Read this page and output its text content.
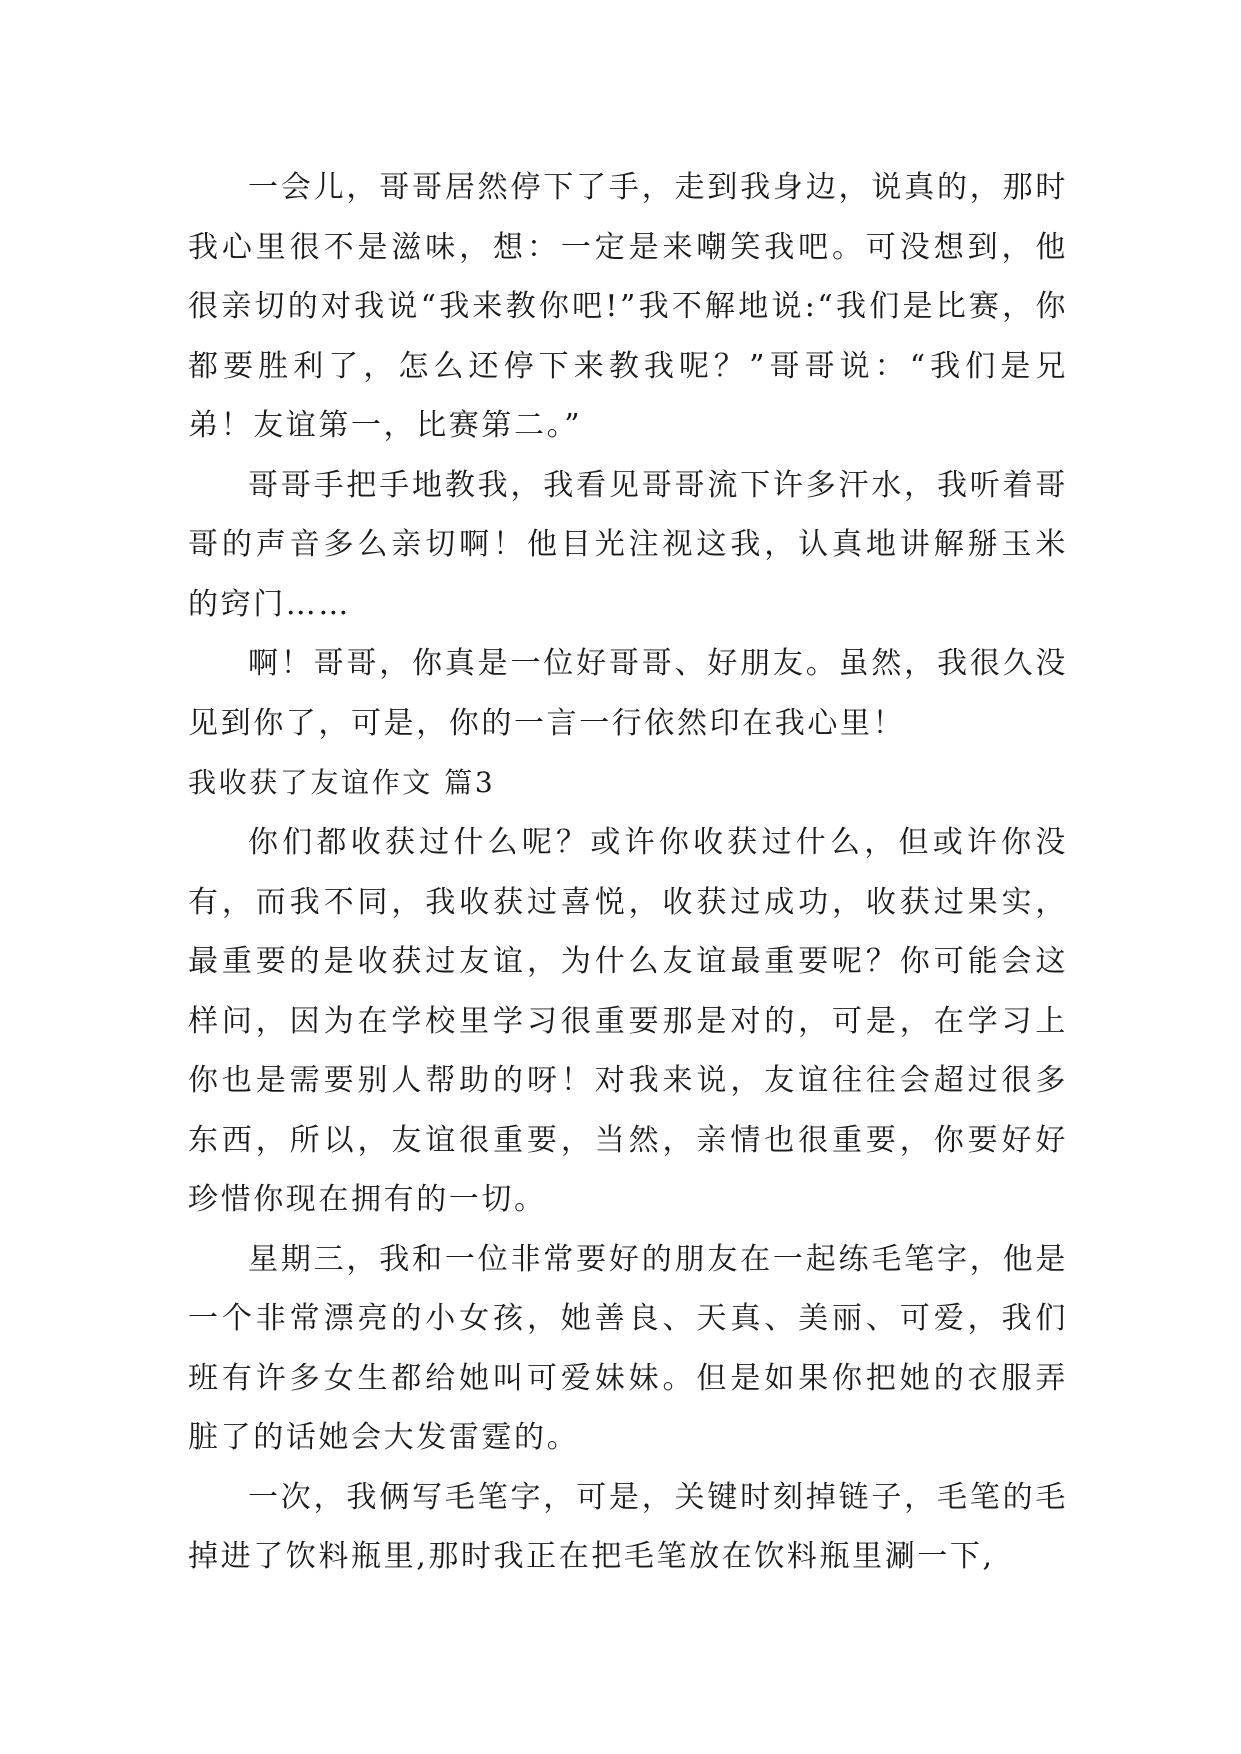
一会儿，哥哥居然停下了手，走到我身边，说真的，那时我心里很不是滋味，想：一定是来嘲笑我吧。可没想到，他很亲切的对我说“我来教你吧!”我不解地说:“我们是比赛，你都要胜利了，怎么还停下来教我呢？”哥哥说：“我们是兄弟！友谊第一，比赛第二。”

哥哥手把手地教我，我看见哥哥流下许多汗水，我听着哥哥的声音多么亲切啊！他目光注视这我，认真地讲解掰玉米的窍门……

啊！哥哥，你真是一位好哥哥、好朋友。虽然，我很久没见到你了，可是，你的一言一行依然印在我心里！

我收获了友谊作文 篇3

你们都收获过什么呢？或许你收获过什么，但或许你没有，而我不同，我收获过喜悦，收获过成功，收获过果实，最重要的是收获过友谊，为什么友谊最重要呢？你可能会这样问，因为在学校里学习很重要那是对的，可是，在学习上你也是需要别人帮助的呀！对我来说，友谊往往会超过很多东西，所以，友谊很重要，当然，亲情也很重要，你要好好珍惜你现在拥有的一切。

星期三，我和一位非常要好的朋友在一起练毛笔字，他是一个非常漂亮的小女孩，她善良、天真、美丽、可爱，我们班有许多女生都给她叫可爱妹妹。但是如果你把她的衣服弄脏了的话她会大发雷霆的。

一次，我俩写毛笔字，可是，关键时刻掉链子，毛笔的毛掉进了饮料瓶里,那时我正在把毛笔放在饮料瓶里涮一下,
